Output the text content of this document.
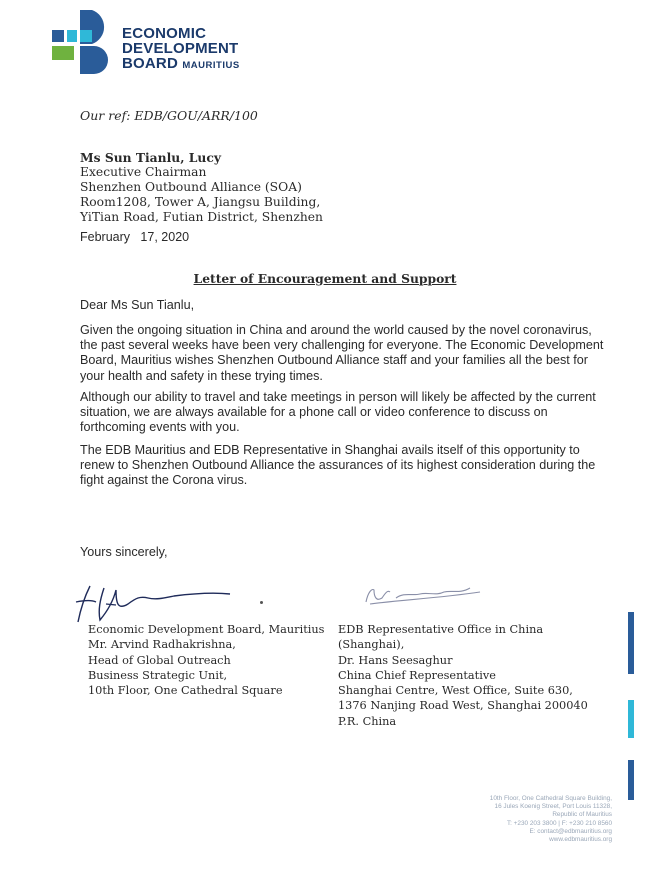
ECONOMIC
DEVELOPMENT
BOARD MAURITIUS
Our ref: EDB/GOU/ARR/100
Ms Sun Tianlu, Lucy
Executive Chairman
Shenzhen Outbound Alliance (SOA)
Room1208, Tower A, Jiangsu Building,
YiTian Road, Futian District, Shenzhen
February   17, 2020
Letter of Encouragement and Support

Dear Ms Sun Tianlu,

Given the ongoing situation in China and around the world caused by the novel coronavirus, the past several weeks have been very challenging for everyone. The Economic Development Board, Mauritius wishes Shenzhen Outbound Alliance staff and your families all the best for your health and safety in these trying times.

Although our ability to travel and take meetings in person will likely be affected by the current situation, we are always available for a phone call or video conference to discuss on forthcoming events with you.

The EDB Mauritius and EDB Representative in Shanghai avails itself of this opportunity to renew to Shenzhen Outbound Alliance the assurances of its highest consideration during the fight against the Corona virus.

Yours sincerely,
Economic Development Board, Mauritius
Mr. Arvind Radhakrishna,
Head of Global Outreach
Business Strategic Unit,
10th Floor, One Cathedral Square
EDB Representative Office in China (Shanghai),
Dr. Hans Seesaghur
China Chief Representative
Shanghai Centre, West Office, Suite 630,
1376 Nanjing Road West, Shanghai 200040
P.R. China
10th Floor, One Cathedral Square Building,
16 Jules Koenig Street, Port Louis 11328,
Republic of Mauritius
T: +230 203 3800 | F: +230 210 8560
E: contact@edbmauritius.org
www.edbmauritius.org
